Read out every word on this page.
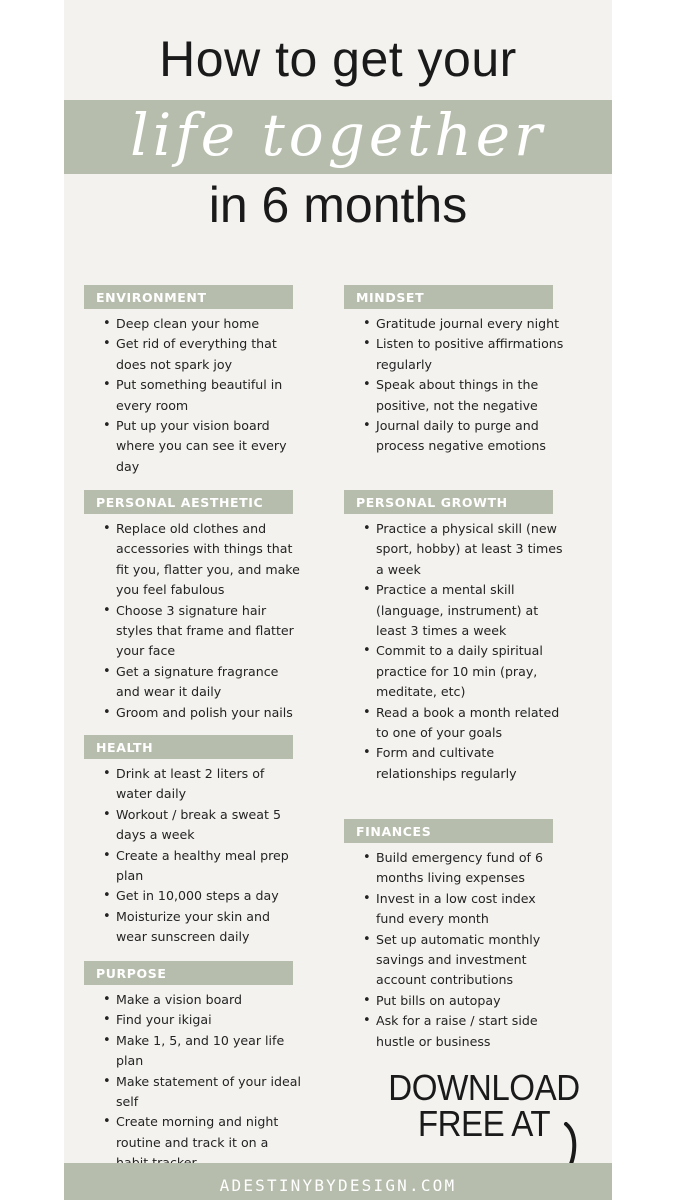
How to get your
life together
in 6 months
ENVIRONMENT
• Deep clean your home
• Get rid of everything that does not spark joy
• Put something beautiful in every room
• Put up your vision board where you can see it every day
PERSONAL AESTHETIC
• Replace old clothes and accessories with things that fit you, flatter you, and make you feel fabulous
• Choose 3 signature hair styles that frame and flatter your face
• Get a signature fragrance and wear it daily
• Groom and polish your nails
HEALTH
• Drink at least 2 liters of water daily
• Workout / break a sweat 5 days a week
• Create a healthy meal prep plan
• Get in 10,000 steps a day
• Moisturize your skin and wear sunscreen daily
PURPOSE
• Make a vision board
• Find your ikigai
• Make 1, 5, and 10 year life plan
• Make statement of your ideal self
• Create morning and night routine and track it on a
MINDSET
• Gratitude journal every night
• Listen to positive affirmations regularly
• Speak about things in the positive, not the negative
• Journal daily to purge and process negative emotions
PERSONAL GROWTH
• Practice a physical skill (new sport, hobby) at least 3 times a week
• Practice a mental skill (language, instrument) at least 3 times a week
• Commit to a daily spiritual practice for 10 min (pray, meditate, etc)
• Read a book a month related to one of your goals
• Form and cultivate relationships regularly
FINANCES
• Build emergency fund of 6 months living expenses
• Invest in a low cost index fund every month
• Set up automatic monthly savings and investment account contributions
• Put bills on autopay
• Ask for a raise / start side hustle or business
DOWNLOAD
FREE AT
ADESTINYBYDESIGN.COM
